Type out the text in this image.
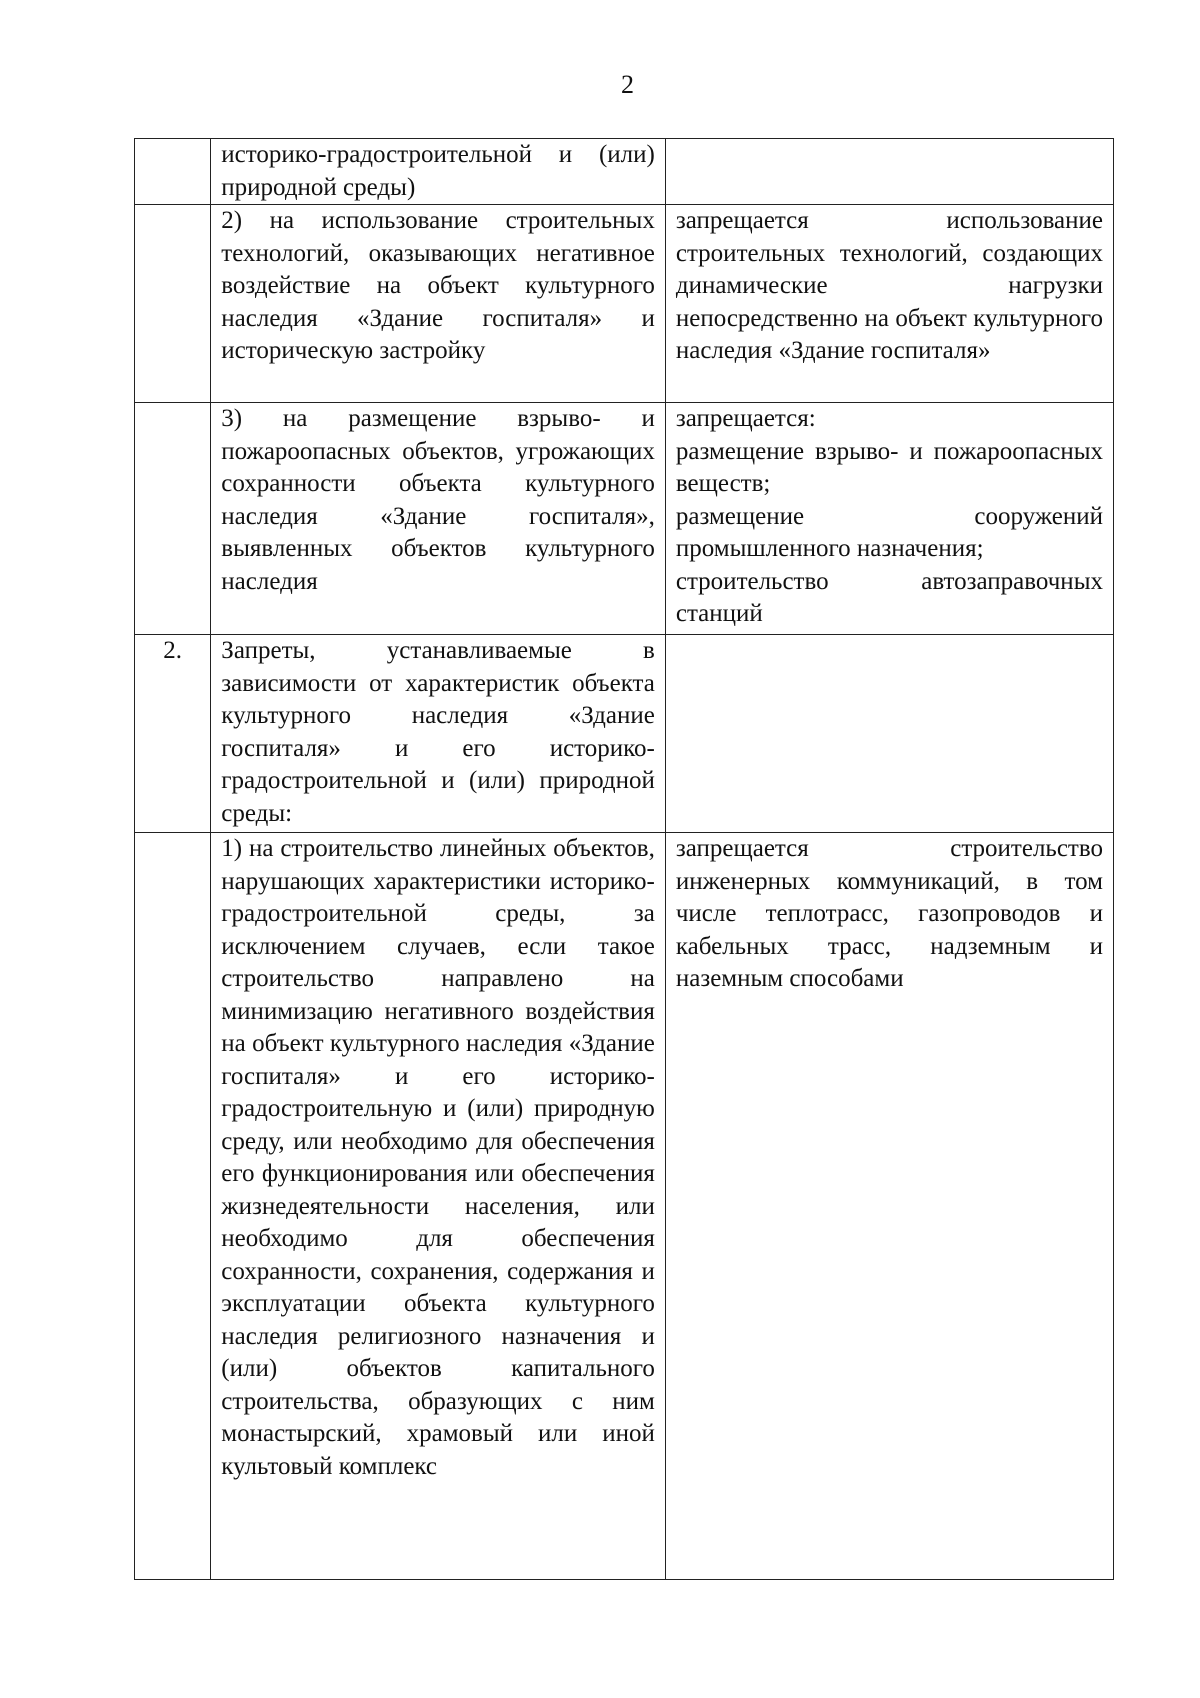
2
	историко-градостроительной и (или) природной среды)	
	2) на использование строительных технологий, оказывающих негативное воздействие на объект культурного наследия «Здание госпиталя» и историческую застройку	запрещается использование строительных технологий, создающих динамические нагрузки непосредственно на объект культурного наследия «Здание госпиталя»
	3) на размещение взрыво- и пожароопасных объектов, угрожающих сохранности объекта культурного наследия «Здание госпиталя», выявленных объектов культурного наследия	запрещается:
размещение взрыво- и пожароопасных веществ;
размещение сооружений промышленного назначения;
строительство автозаправочных станций

2.	Запреты, устанавливаемые в зависимости от характеристик объекта культурного наследия «Здание госпиталя» и его историко-градостроительной и (или) природной среды:	
	1) на строительство линейных объектов, нарушающих характеристики историко-градостроительной среды, за исключением случаев, если такое строительство направлено на минимизацию негативного воздействия на объект культурного наследия «Здание госпиталя» и его историко-градостроительную и (или) природную среду, или необходимо для обеспечения его функционирования или обеспечения жизнедеятельности населения, или необходимо для обеспечения сохранности, сохранения, содержания и эксплуатации объекта культурного наследия религиозного назначения и (или) объектов капитального строительства, образующих с ним монастырский, храмовый или иной культовый комплекс	запрещается строительство инженерных коммуникаций, в том числе теплотрасс, газопроводов и кабельных трасс, надземным и наземным способами
